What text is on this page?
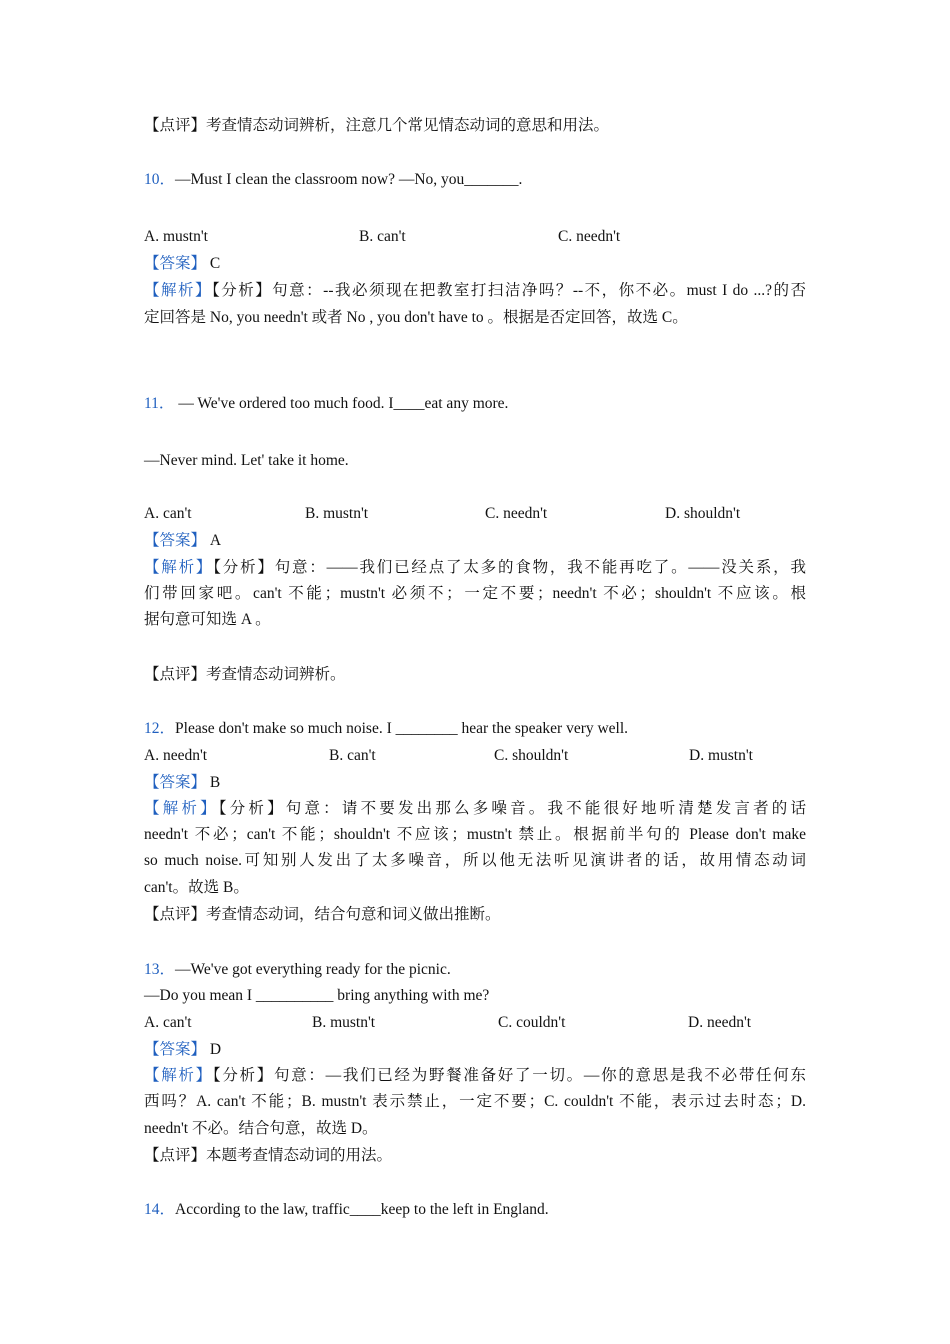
【点评】考查情态动词辨析，注意几个常见情态动词的意思和用法。
10．—Must I clean the classroom now? —No, you_______.
A. mustn't	B. can't	C. needn't
【答案】 C
【解析】【分析】句意：--我必须现在把教室打扫洁净吗？--不，你不必。must I do ...?的否
定回答是 No, you needn't 或者 No , you don't have to 。根据是否定回答，故选 C。
11． — We've ordered too much food. I____eat any more.
—Never mind. Let' take it home.
A. can't	B. mustn't	C. needn't	D. shouldn't
【答案】 A
【解析】【分析】句意：——我们已经点了太多的食物，我不能再吃了。——没关系，我
们带回家吧。can't 不能；mustn't 必须不；一定不要；needn't 不必；shouldn't 不应该。根
据句意可知选 A 。
【点评】考查情态动词辨析。
12．Please don't make so much noise. I ________ hear the speaker very well.
A. needn't	B. can't	C. shouldn't	D. mustn't
【答案】 B
【解析】【分析】句意：请不要发出那么多噪音。我不能很好地听清楚发言者的话
needn't 不必；can't 不能；shouldn't 不应该；mustn't 禁止。根据前半句的 Please don't make
so much noise.可知别人发出了太多噪音，所以他无法听见演讲者的话，故用情态动词
can't。故选 B。
【点评】考查情态动词，结合句意和词义做出推断。
13．—We've got everything ready for the picnic.
—Do you mean I __________ bring anything with me?
A. can't	B. mustn't	C. couldn't	D. needn't
【答案】 D
【解析】【分析】句意：—我们已经为野餐准备好了一切。—你的意思是我不必带任何东
西吗？A. can't 不能；B. mustn't 表示禁止，一定不要；C. couldn't 不能，表示过去时态；D.
needn't 不必。结合句意，故选 D。
【点评】本题考查情态动词的用法。
14．According to the law, traffic____keep to the left in England.
